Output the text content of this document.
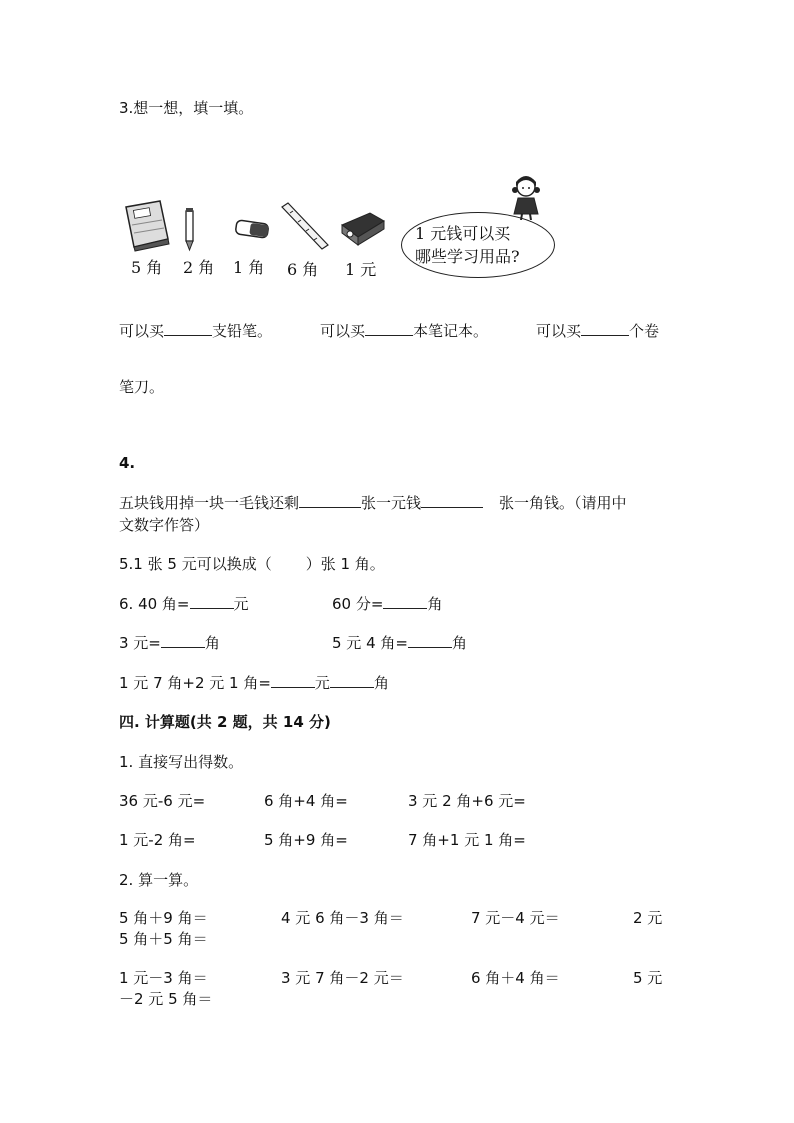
3.想一想，填一填。
5 角 2 角 1 角 6 角 1 元
1 元钱可以买
哪些学习用品?
可以买	支铅笔。	可以买	本笔记本。	可以买	个卷
笔刀。
4.
五块钱用掉一块一毛钱还剩	张一元钱	张一角钱。（请用中
文数字作答）
5.1 张 5 元可以换成（ ）张 1 角。
6. 40 角=	元	60 分=	角
3 元=	角	5 元 4 角=	角
1 元 7 角+2 元 1 角=	元	角
四. 计算题(共 2 题，共 14 分)
1. 直接写出得数。
36 元-6 元=	6 角+4 角=	3 元 2 角+6 元=
1 元-2 角=	5 角+9 角=	7 角+1 元 1 角=
2. 算一算。
5 角＋9 角＝	4 元 6 角－3 角＝	7 元－4 元＝	2 元
5 角＋5 角＝
1 元－3 角＝	3 元 7 角－2 元＝	6 角＋4 角＝	5 元
－2 元 5 角＝
